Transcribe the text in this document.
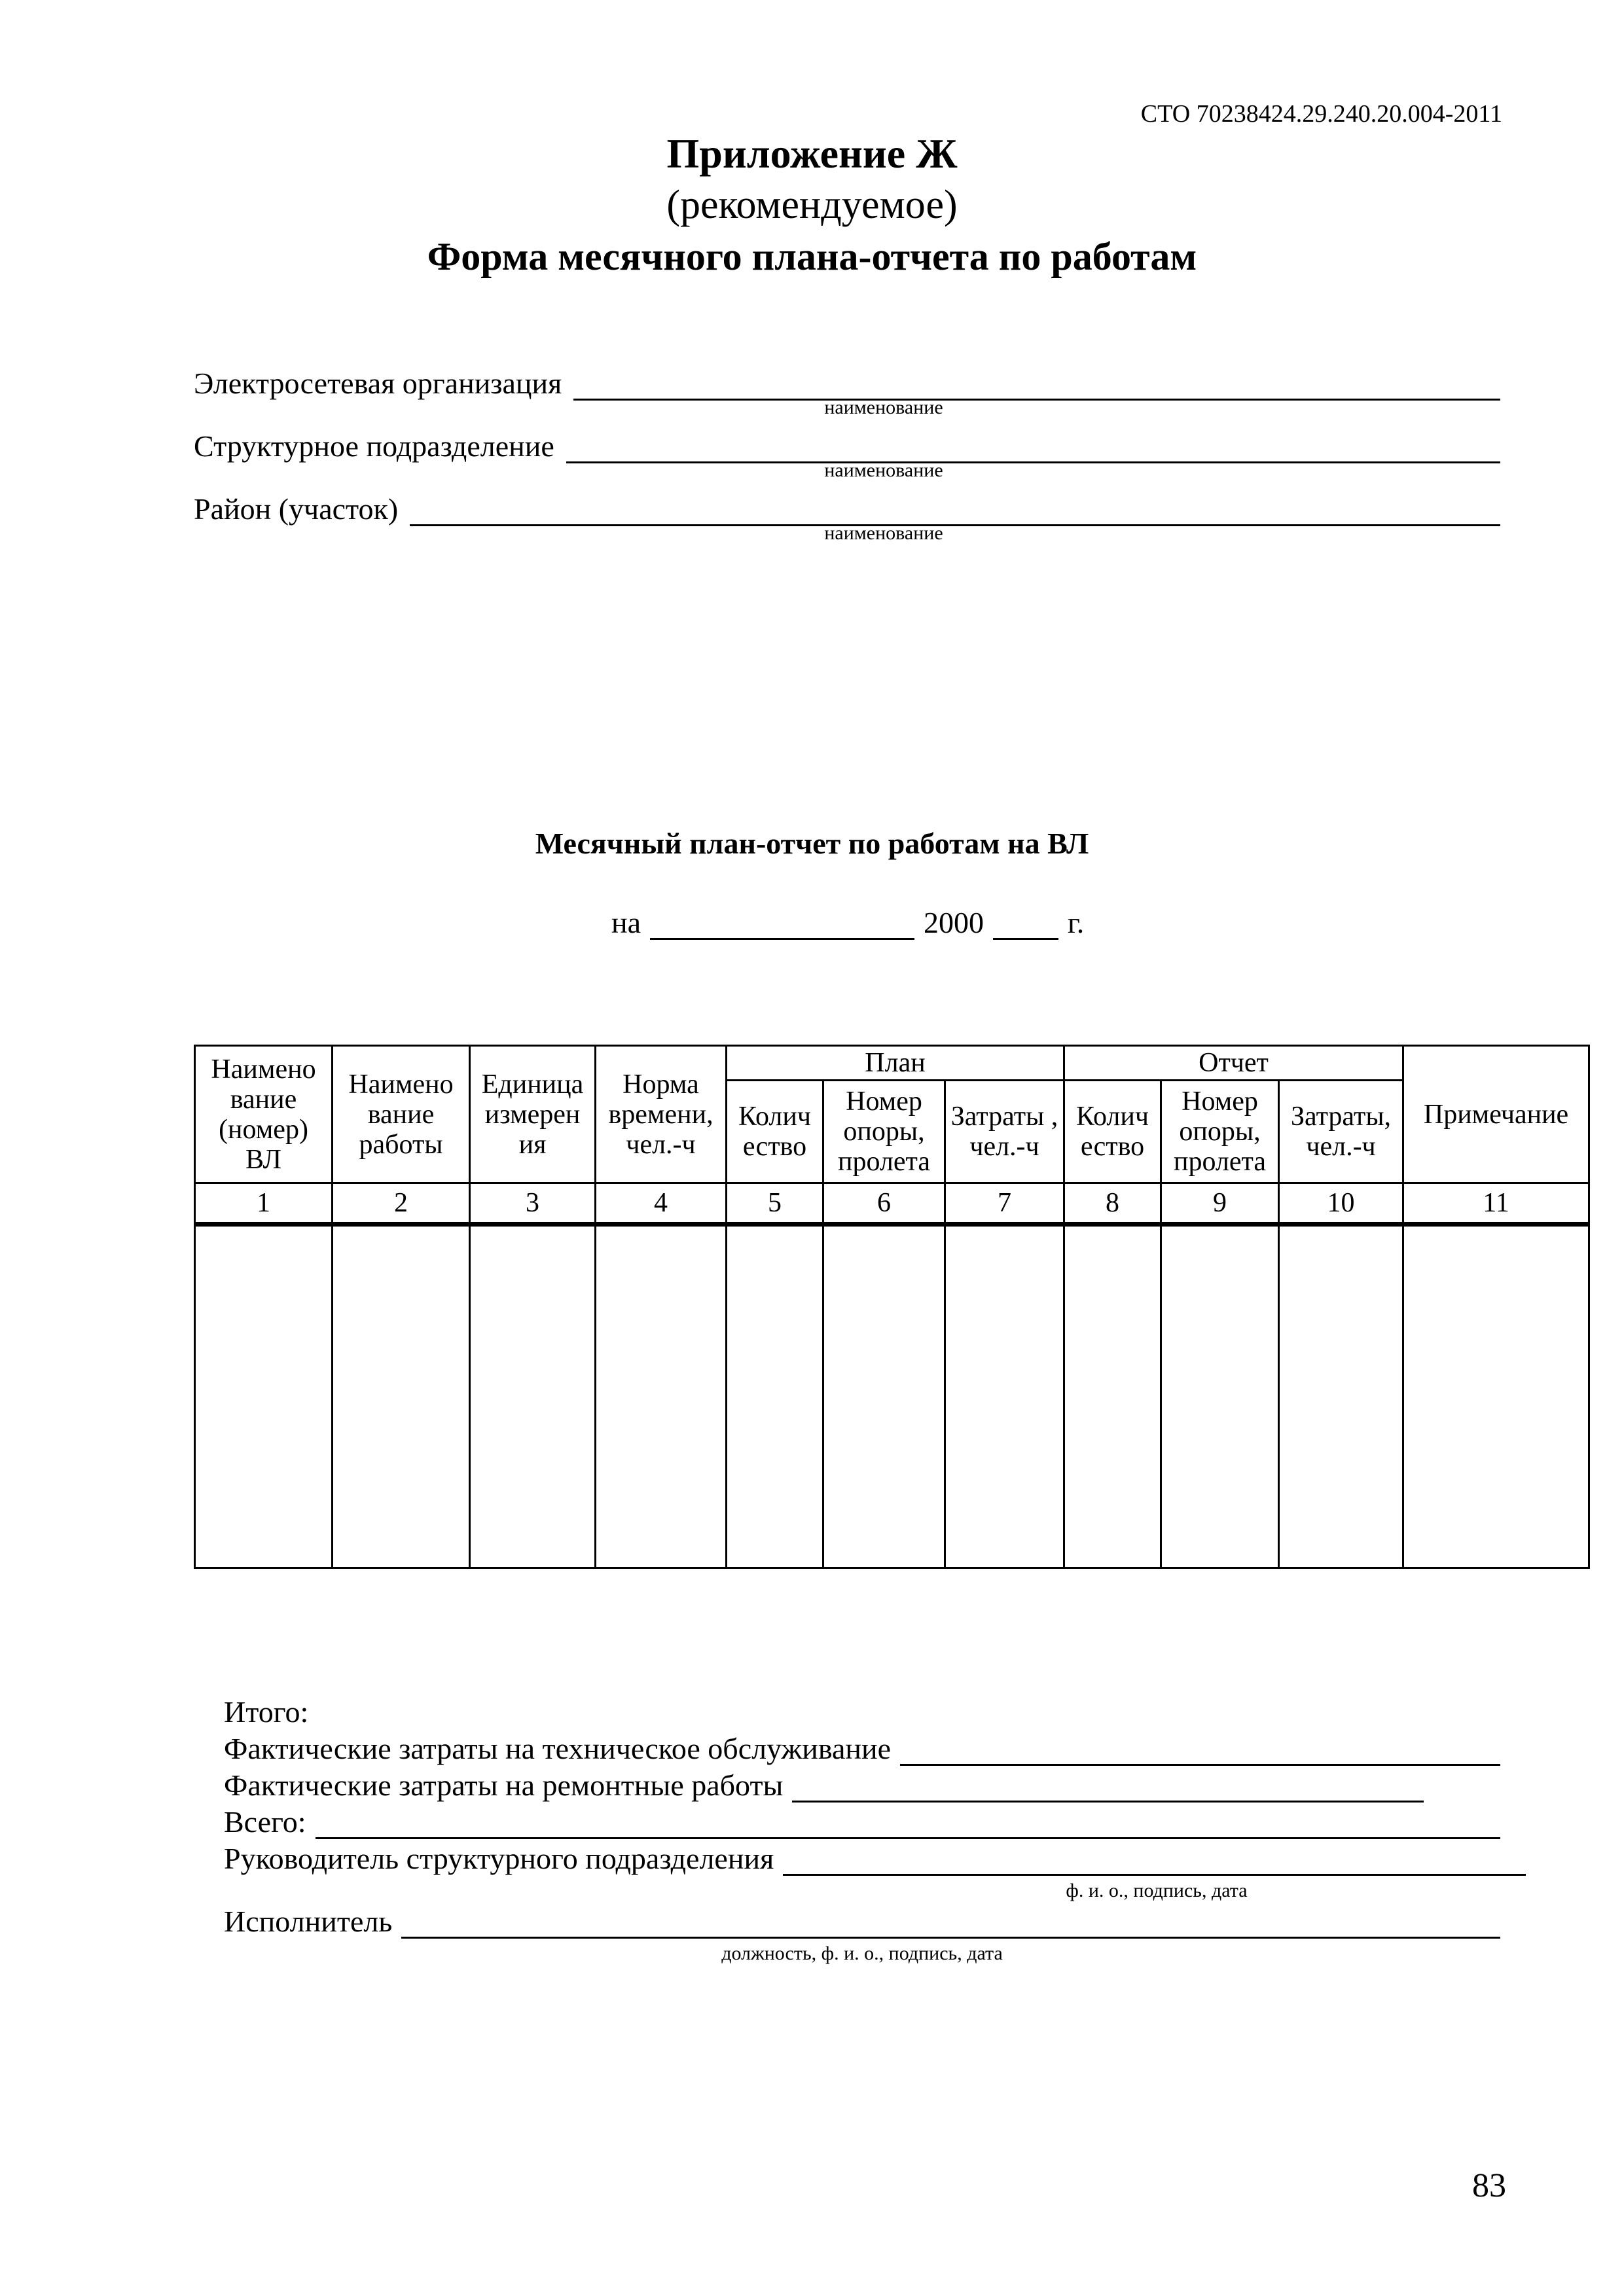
СТО 70238424.29.240.20.004-2011
Приложение Ж
(рекомендуемое)
Форма месячного плана-отчета по работам
Электросетевая организация
наименование
Структурное подразделение
наименование
Район (участок)
наименование
Месячный план-отчет по работам на ВЛ
на	2000	г.
Наимено вание (номер) ВЛ	Наимено вание работы	Единица измерен ия	Норма времени, чел.-ч	План			Отчет			Примечание
				Колич ество	Номер опоры, пролета	Затраты , чел.-ч	Колич ество	Номер опоры, пролета	Затраты, чел.-ч	
1	2	3	4	5	6	7	8	9	10	11

Итого:
Фактические затраты на техническое обслуживание
Фактические затраты на ремонтные работы
Всего:
Руководитель структурного подразделения
ф. и. о., подпись, дата
Исполнитель
должность, ф. и. о., подпись, дата
83
